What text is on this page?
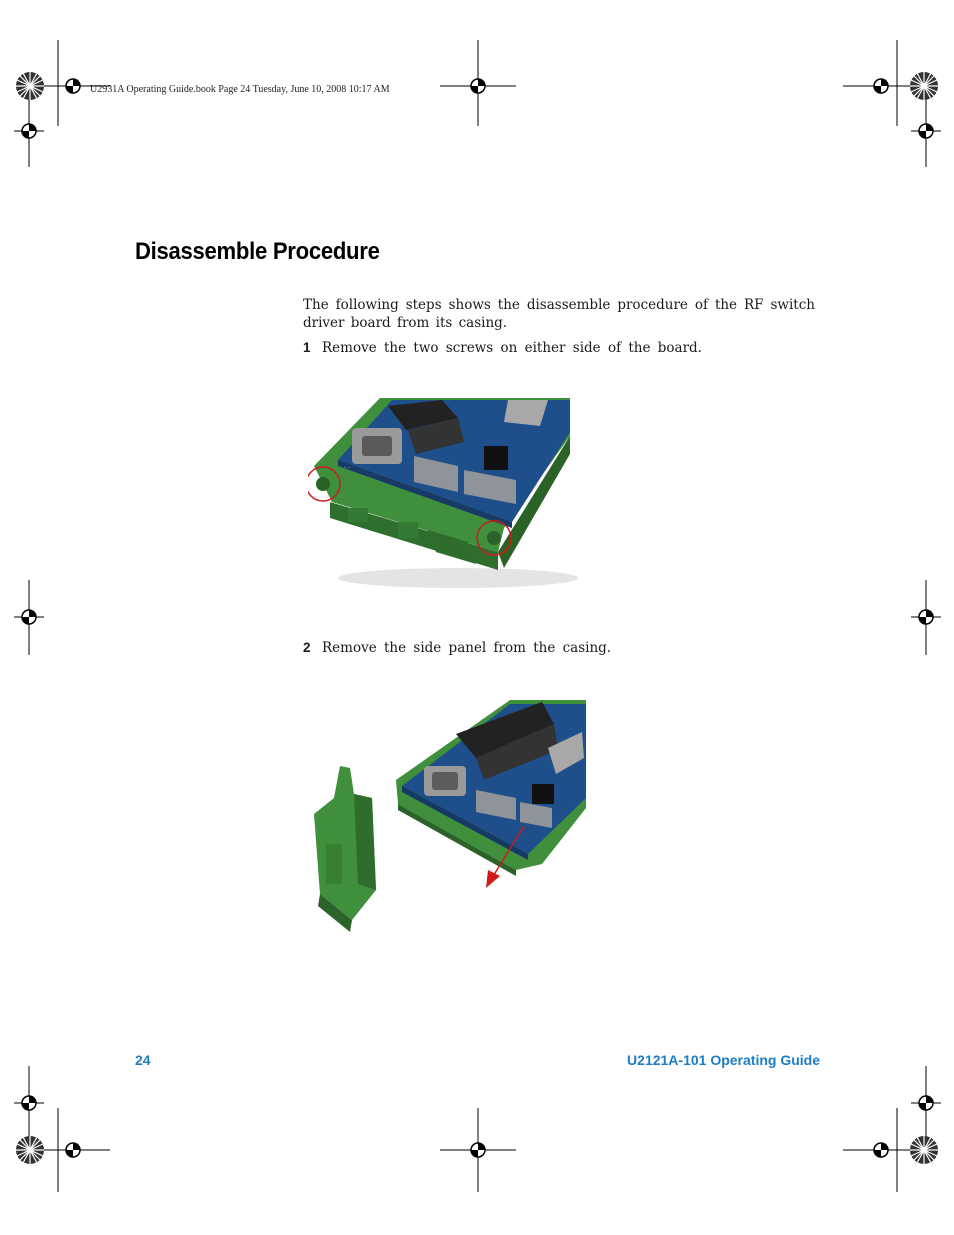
U2931A Operating Guide.book Page 24 Tuesday, June 10, 2008 10:17 AM
Disassemble Procedure
The following steps shows the disassemble procedure of the RF switch driver board from its casing.
1 Remove the two screws on either side of the board.
· ·
2 Remove the side panel from the casing.
24	U2121A-101 Operating Guide
